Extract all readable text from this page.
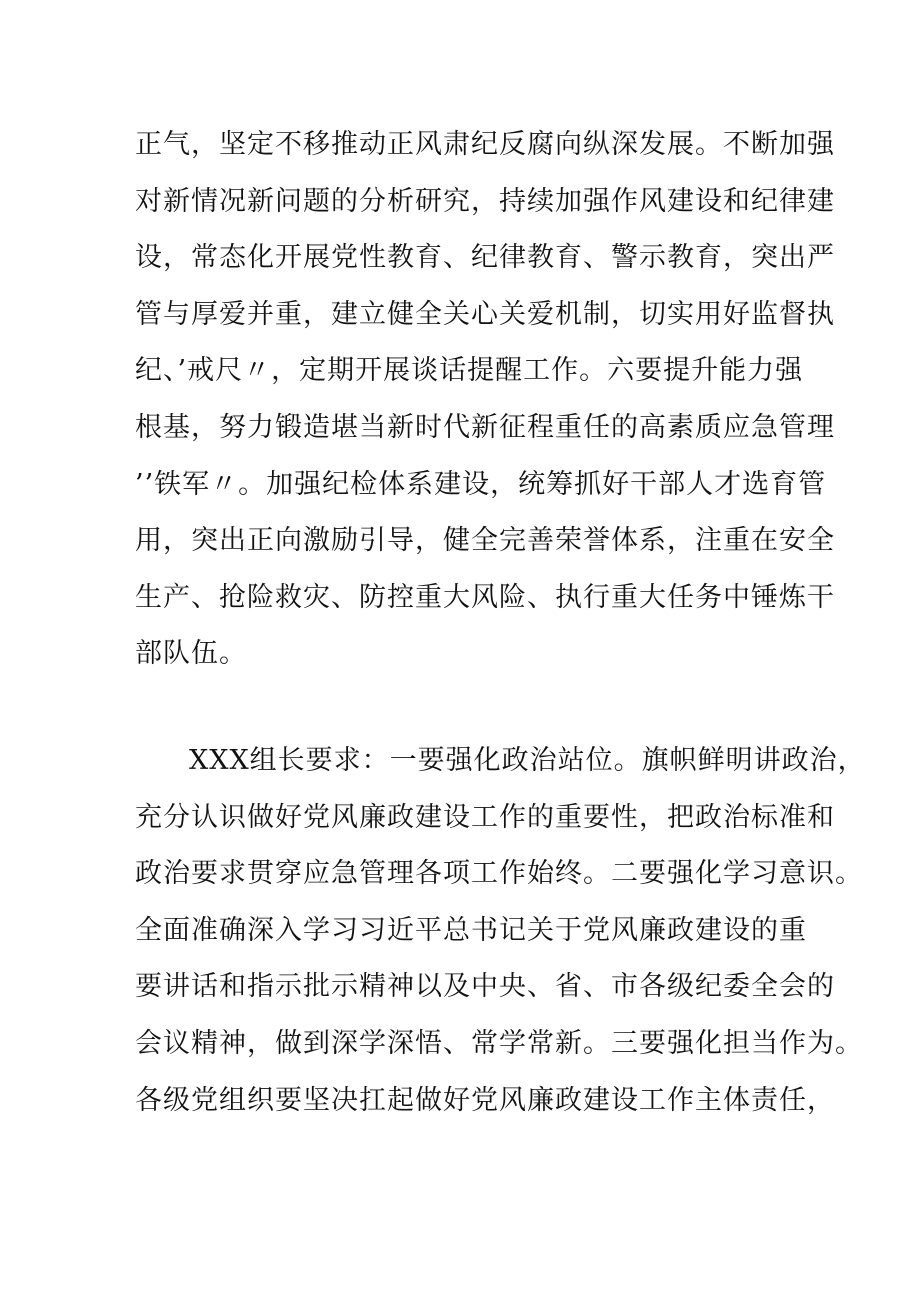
正气，坚定不移推动正风肃纪反腐向纵深发展。不断加强
对新情况新问题的分析研究，持续加强作风建设和纪律建
设，常态化开展党性教育、纪律教育、警示教育，突出严
管与厚爱并重，建立健全关心关爱机制，切实用好监督执
纪、’戒尺〃，定期开展谈话提醒工作。六要提升能力强
根基，努力锻造堪当新时代新征程重任的高素质应急管理
’’铁军〃。加强纪检体系建设，统筹抓好干部人才选育管
用，突出正向激励引导，健全完善荣誉体系，注重在安全
生产、抢险救灾、防控重大风险、执行重大任务中锤炼干
部队伍。
XXX组长要求：一要强化政治站位。旗帜鲜明讲政治，
充分认识做好党风廉政建设工作的重要性，把政治标准和
政治要求贯穿应急管理各项工作始终。二要强化学习意识。
全面准确深入学习习近平总书记关于党风廉政建设的重
要讲话和指示批示精神以及中央、省、市各级纪委全会的
会议精神，做到深学深悟、常学常新。三要强化担当作为。
各级党组织要坚决扛起做好党风廉政建设工作主体责任，
